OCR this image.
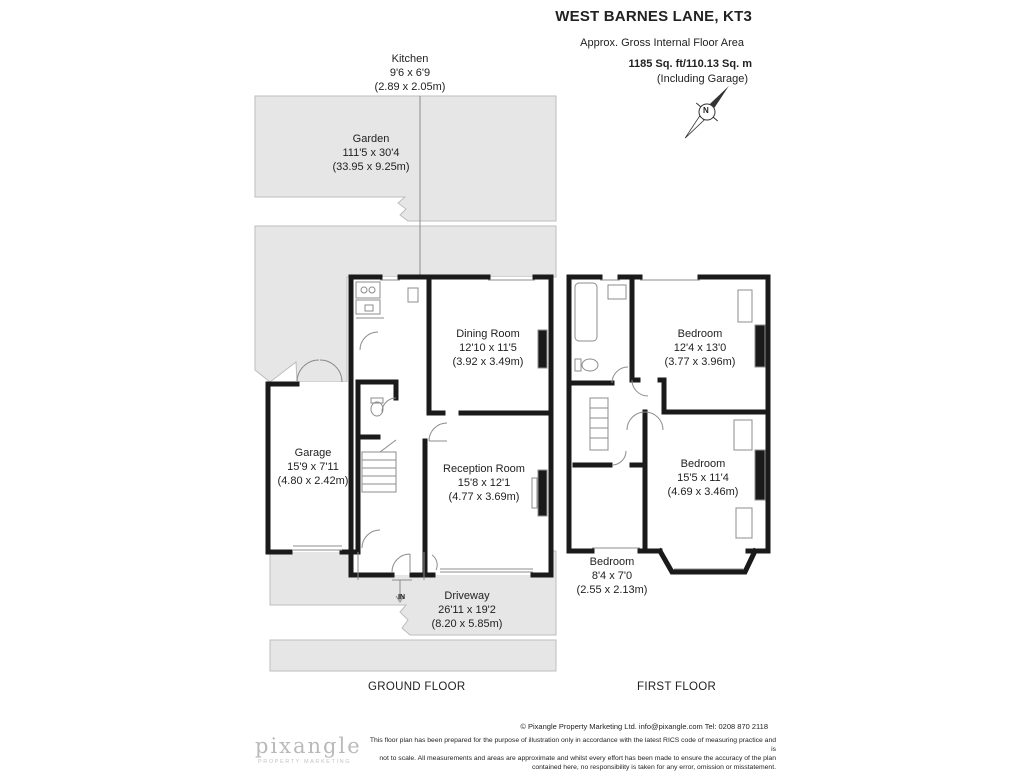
WEST BARNES LANE, KT3
Approx. Gross Internal Floor Area
1185 Sq. ft/110.13 Sq. m
(Including Garage)
N
Kitchen
9'6 x 6'9
(2.89 x 2.05m)
Garden
111'5 x 30'4
(33.95 x 9.25m)
Dining Room
12'10 x 11'5
(3.92 x 3.49m)
Garage
15'9 x 7'11
(4.80 x 2.42m)
Reception Room
15'8 x 12'1
(4.77 x 3.69m)
Driveway
26'11 x 19'2
(8.20 x 5.85m)
IN
Bedroom
12'4 x 13'0
(3.77 x 3.96m)
Bedroom
15'5 x 11'4
(4.69 x 3.46m)
Bedroom
8'4 x 7'0
(2.55 x 2.13m)
GROUND FLOOR	FIRST FLOOR
© Pixangle Property Marketing Ltd. info@pixangle.com Tel: 0208 870 2118
This floor plan has been prepared for the purpose of illustration only in accordance with the latest RICS code of measuring practice and is
not to scale. All measurements and areas are approximate and whilst every effort has been made to ensure the accuracy of the plan
contained here, no responsibility is taken for any error, omission or misstatement.
pixangle
PROPERTY MARKETING
